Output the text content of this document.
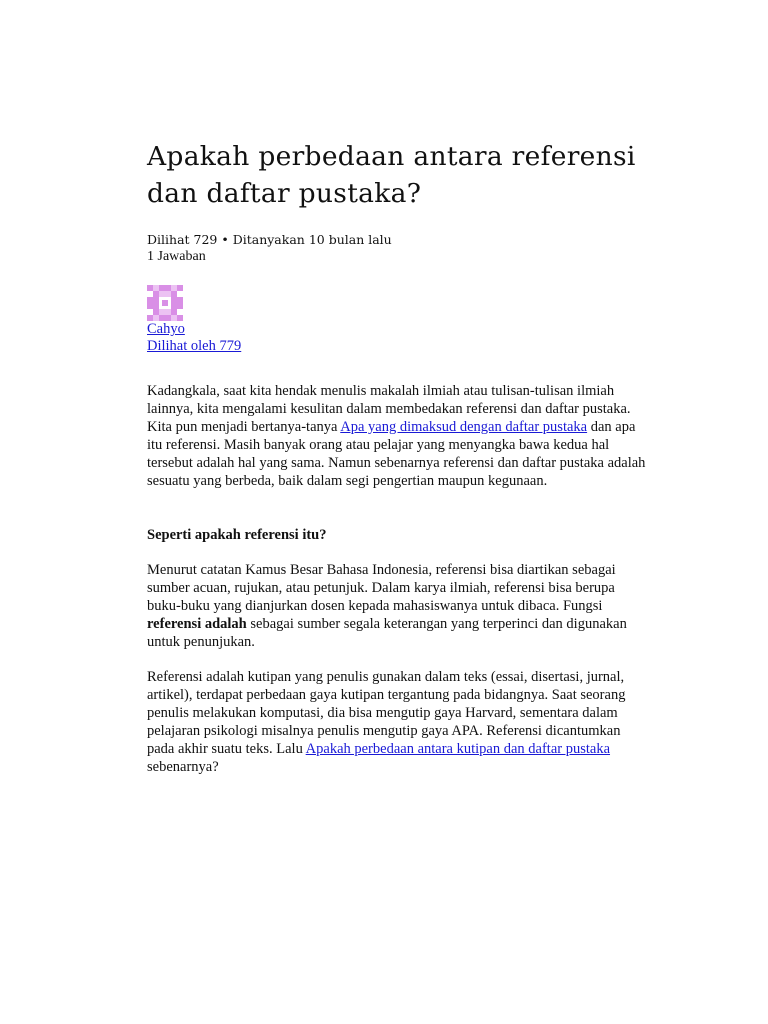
Apakah perbedaan antara referensi
dan daftar pustaka?
Dilihat 729 • Ditanyakan 10 bulan lalu
1 Jawaban
Cahyo
Dilihat oleh 779

Kadangkala, saat kita hendak menulis makalah ilmiah atau tulisan-tulisan ilmiah lainnya, kita mengalami kesulitan dalam membedakan referensi dan daftar pustaka. Kita pun menjadi bertanya-tanya Apa yang dimaksud dengan daftar pustaka dan apa itu referensi. Masih banyak orang atau pelajar yang menyangka bawa kedua hal tersebut adalah hal yang sama. Namun sebenarnya referensi dan daftar pustaka adalah sesuatu yang berbeda, baik dalam segi pengertian maupun kegunaan.

Seperti apakah referensi itu?

Menurut catatan Kamus Besar Bahasa Indonesia, referensi bisa diartikan sebagai sumber acuan, rujukan, atau petunjuk. Dalam karya ilmiah, referensi bisa berupa buku-buku yang dianjurkan dosen kepada mahasiswanya untuk dibaca. Fungsi referensi adalah sebagai sumber segala keterangan yang terperinci dan digunakan untuk penunjukan.

Referensi adalah kutipan yang penulis gunakan dalam teks (essai, disertasi, jurnal, artikel), terdapat perbedaan gaya kutipan tergantung pada bidangnya. Saat seorang penulis melakukan komputasi, dia bisa mengutip gaya Harvard, sementara dalam pelajaran psikologi misalnya penulis mengutip gaya APA. Referensi dicantumkan pada akhir suatu teks. Lalu Apakah perbedaan antara kutipan dan daftar pustaka sebenarnya?
